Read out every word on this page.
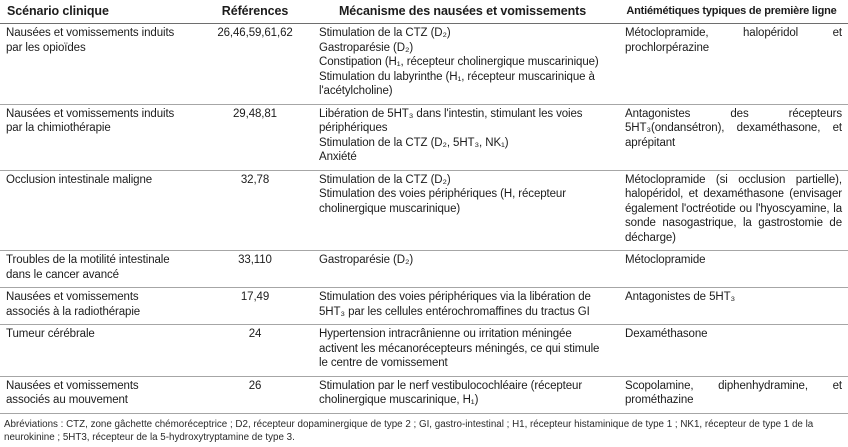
Scénario clinique	Références	Mécanisme des nausées et vomissements	Antiémétiques typiques de première ligne
Nausées et vomissements induits par les opioïdes	26,46,59,61,62	Stimulation de la CTZ (D₂)
Gastroparésie (D₂)
Constipation (H₁, récepteur cholinergique muscarinique)
Stimulation du labyrinthe (H₁, récepteur muscarinique à l'acétylcholine)	Métoclopramide, halopéridol et prochlorpérazine
Nausées et vomissements induits par la chimiothérapie	29,48,81	Libération de 5HT₃ dans l'intestin, stimulant les voies périphériques
Stimulation de la CTZ (D₂, 5HT₃, NK₁)
Anxiété	Antagonistes des récepteurs 5HT₃(ondansétron), dexaméthasone, et aprépitant
Occlusion intestinale maligne	32,78	Stimulation de la CTZ (D₂)
Stimulation des voies périphériques (H, récepteur cholinergique muscarinique)	Métoclopramide (si occlusion partielle), halopéridol, et dexaméthasone (envisager également l'octréotide ou l'hyoscyamine, la sonde nasogastrique, la gastrostomie de décharge)
Troubles de la motilité intestinale dans le cancer avancé	33,110	Gastroparésie (D₂)	Métoclopramide
Nausées et vomissements associés à la radiothérapie	17,49	Stimulation des voies périphériques via la libération de 5HT₃ par les cellules entérochromaffines du tractus GI	Antagonistes de 5HT₃
Tumeur cérébrale	24	Hypertension intracrânienne ou irritation méningée activent les mécanorécepteurs méningés, ce qui stimule le centre de vomissement	Dexaméthasone
Nausées et vomissements associés au mouvement	26	Stimulation par le nerf vestibulocochléaire (récepteur cholinergique muscarinique, H₁)	Scopolamine, diphenhydramine, et prométhazine
Abréviations : CTZ, zone gâchette chémoréceptrice ; D2, récepteur dopaminergique de type 2 ; GI, gastro-intestinal ; H1, récepteur histaminique de type 1 ; NK1, récepteur de type 1 de la neurokinine ; 5HT3, récepteur de la 5-hydroxytryptamine de type 3.
